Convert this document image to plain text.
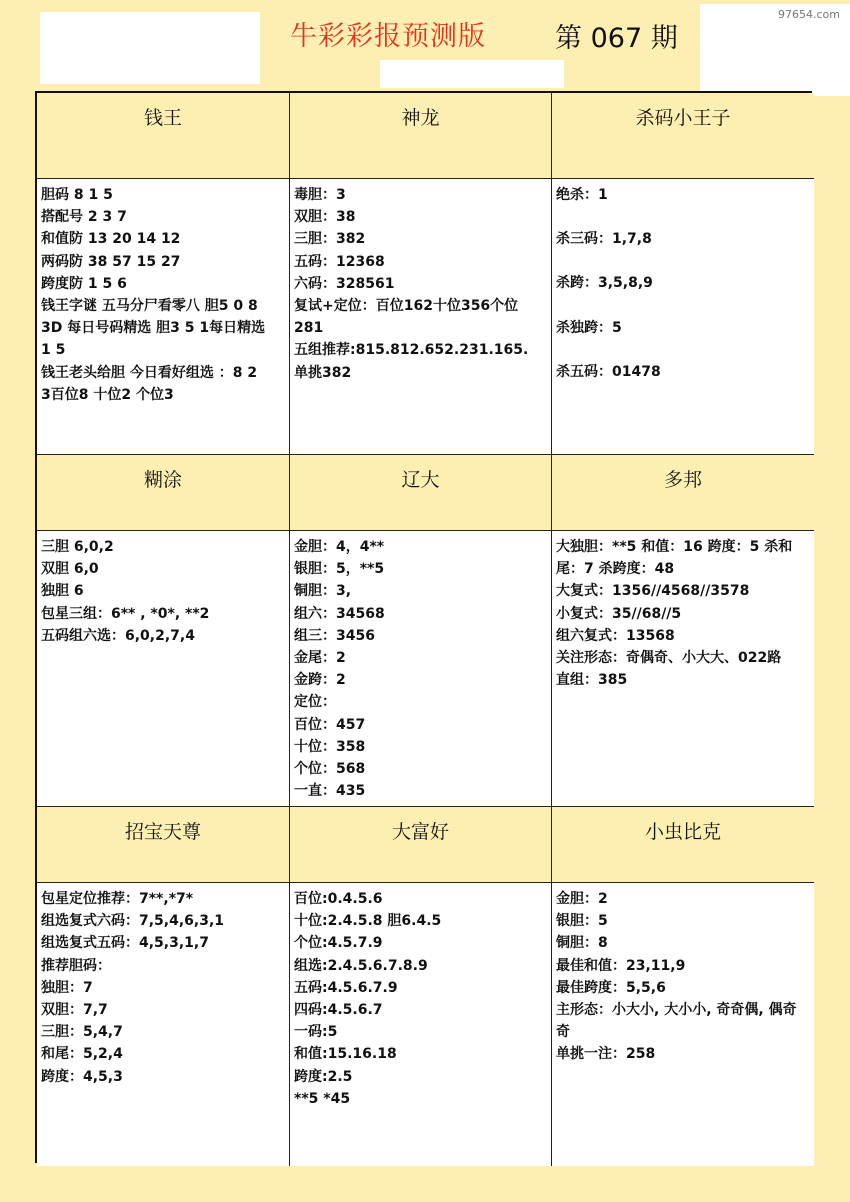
97654.com
牛彩彩报预测版	第 067 期
钱王	神龙	杀码小王子
胆码 8 1 5
搭配号 2 3 7
和值防 13 20 14 12
两码防 38 57 15 27
跨度防 1 5 6
钱王字谜 五马分尸看零八 胆5 0 8
3D 每日号码精选 胆3 5 1每日精选
1 5
钱王老头给胆 今日看好组选 ：8 2
3百位8 十位2 个位3
毒胆：3
双胆：38
三胆：382
五码：12368
六码：328561
复试+定位：百位162十位356个位
281
五组推荐:815.812.652.231.165.
单挑382
绝杀：1
杀三码：1,7,8
杀跨：3,5,8,9
杀独跨：5
杀五码：01478
糊涂	辽大	多邦
三胆 6,0,2
双胆 6,0
独胆 6
包星三组：6** , *0*, **2
五码组六选：6,0,2,7,4
金胆：4，4**
银胆：5，**5
铜胆：3,
组六：34568
组三：3456
金尾：2
金跨：2
定位：
百位：457
十位：358
个位：568
一直：435
大独胆：**5 和值：16 跨度：5 杀和
尾：7 杀跨度：48
大复式：1356//4568//3578
小复式：35//68//5
组六复式：13568
关注形态：奇偶奇、小大大、022路
直组：385
招宝天尊	大富好	小虫比克
包星定位推荐：7**,*7*
组选复式六码：7,5,4,6,3,1
组选复式五码：4,5,3,1,7
推荐胆码：
独胆：7
双胆：7,7
三胆：5,4,7
和尾：5,2,4
跨度：4,5,3
百位:0.4.5.6
十位:2.4.5.8 胆6.4.5
个位:4.5.7.9
组选:2.4.5.6.7.8.9
五码:4.5.6.7.9
四码:4.5.6.7
一码:5
和值:15.16.18
跨度:2.5
**5 *45
金胆：2
银胆：5
铜胆：8
最佳和值：23,11,9
最佳跨度：5,5,6
主形态：小大小, 大小小, 奇奇偶, 偶奇
奇
单挑一注：258
